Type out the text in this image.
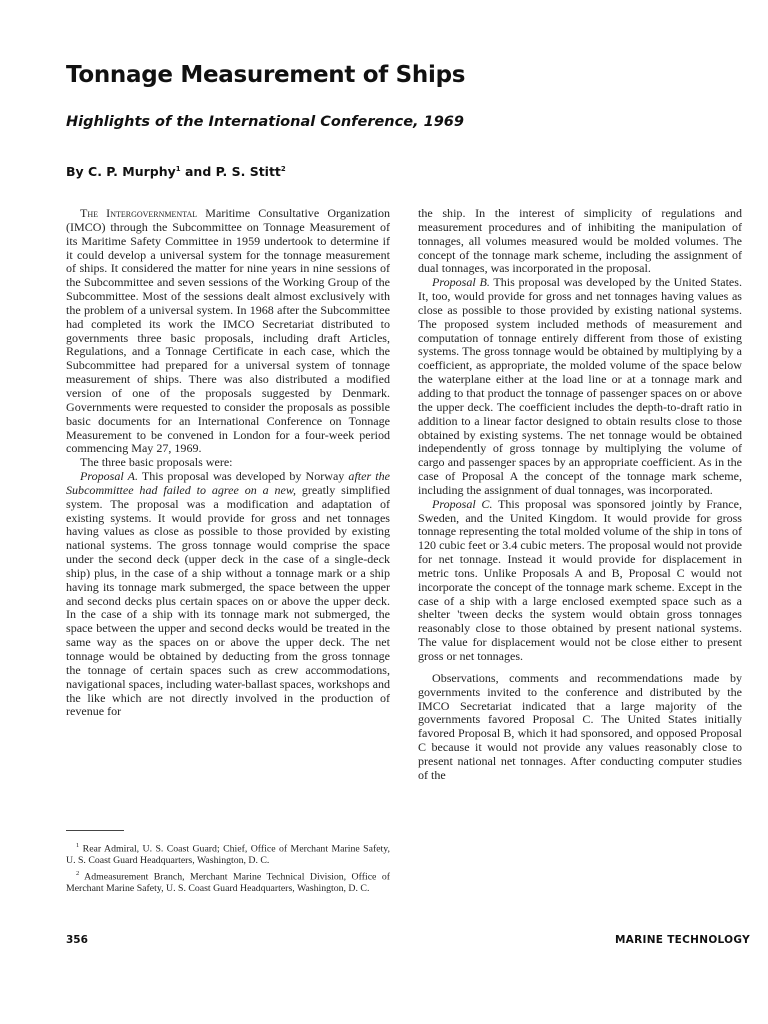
Tonnage Measurement of Ships
Highlights of the International Conference, 1969

By C. P. Murphy$^1$ and P. S. Stitt$^2$

The Intergovernmental Maritime Consultative Organization (IMCO) through the Subcommittee on Tonnage Measurement of its Maritime Safety Committee in 1959 undertook to determine if it could develop a universal system for the tonnage measurement of ships. It considered the matter for nine years in nine sessions of the Subcommittee and seven sessions of the Working Group of the Subcommittee. Most of the sessions dealt almost exclusively with the problem of a universal system. In 1968 after the Subcommittee had completed its work the IMCO Secretariat distributed to governments three basic proposals, including draft Articles, Regulations, and a Tonnage Certificate in each case, which the Subcommittee had prepared for a universal system of tonnage measurement of ships. There was also distributed a modified version of one of the proposals suggested by Denmark. Governments were requested to consider the proposals as possible basic documents for an International Conference on Tonnage Measurement to be convened in London for a four-week period commencing May 27, 1969.

The three basic proposals were:

Proposal A. This proposal was developed by Norway after the Subcommittee had failed to agree on a new, greatly simplified system. The proposal was a modification and adaptation of existing systems. It would provide for gross and net tonnages having values as close as possible to those provided by existing national systems. The gross tonnage would comprise the space under the second deck (upper deck in the case of a single-deck ship) plus, in the case of a ship without a tonnage mark or a ship having its tonnage mark submerged, the space between the upper and second decks plus certain spaces on or above the upper deck. In the case of a ship with its tonnage mark not submerged, the space between the upper and second decks would be treated in the same way as the spaces on or above the upper deck. The net tonnage would be obtained by deducting from the gross tonnage the tonnage of certain spaces such as crew accommodations, navigational spaces, including water-ballast spaces, workshops and the like which are not directly involved in the production of revenue for

$^1$ Rear Admiral, U. S. Coast Guard; Chief, Office of Merchant Marine Safety, U. S. Coast Guard Headquarters, Washington, D. C.

$^2$ Admeasurement Branch, Merchant Marine Technical Division, Office of Merchant Marine Safety, U. S. Coast Guard Headquarters, Washington, D. C.

the ship. In the interest of simplicity of regulations and measurement procedures and of inhibiting the manipulation of tonnages, all volumes measured would be molded volumes. The concept of the tonnage mark scheme, including the assignment of dual tonnages, was incorporated in the proposal.

Proposal B. This proposal was developed by the United States. It, too, would provide for gross and net tonnages having values as close as possible to those provided by existing national systems. The proposed system included methods of measurement and computation of tonnage entirely different from those of existing systems. The gross tonnage would be obtained by multiplying by a coefficient, as appropriate, the molded volume of the space below the waterplane either at the load line or at a tonnage mark and adding to that product the tonnage of passenger spaces on or above the upper deck. The coefficient includes the depth-to-draft ratio in addition to a linear factor designed to obtain results close to those obtained by existing systems. The net tonnage would be obtained independently of gross tonnage by multiplying the volume of cargo and passenger spaces by an appropriate coefficient. As in the case of Proposal A the concept of the tonnage mark scheme, including the assignment of dual tonnages, was incorporated.

Proposal C. This proposal was sponsored jointly by France, Sweden, and the United Kingdom. It would provide for gross tonnage representing the total molded volume of the ship in tons of 120 cubic feet or 3.4 cubic meters. The proposal would not provide for net tonnage. Instead it would provide for displacement in metric tons. Unlike Proposals A and B, Proposal C would not incorporate the concept of the tonnage mark scheme. Except in the case of a ship with a large enclosed exempted space such as a shelter 'tween decks the system would obtain gross tonnages reasonably close to those obtained by present national systems. The value for displacement would not be close either to present gross or net tonnages.

Observations, comments and recommendations made by governments invited to the conference and distributed by the IMCO Secretariat indicated that a large majority of the governments favored Proposal C. The United States initially favored Proposal B, which it had sponsored, and opposed Proposal C because it would not provide any values reasonably close to present national net tonnages. After conducting computer studies of the

356	MARINE TECHNOLOGY
